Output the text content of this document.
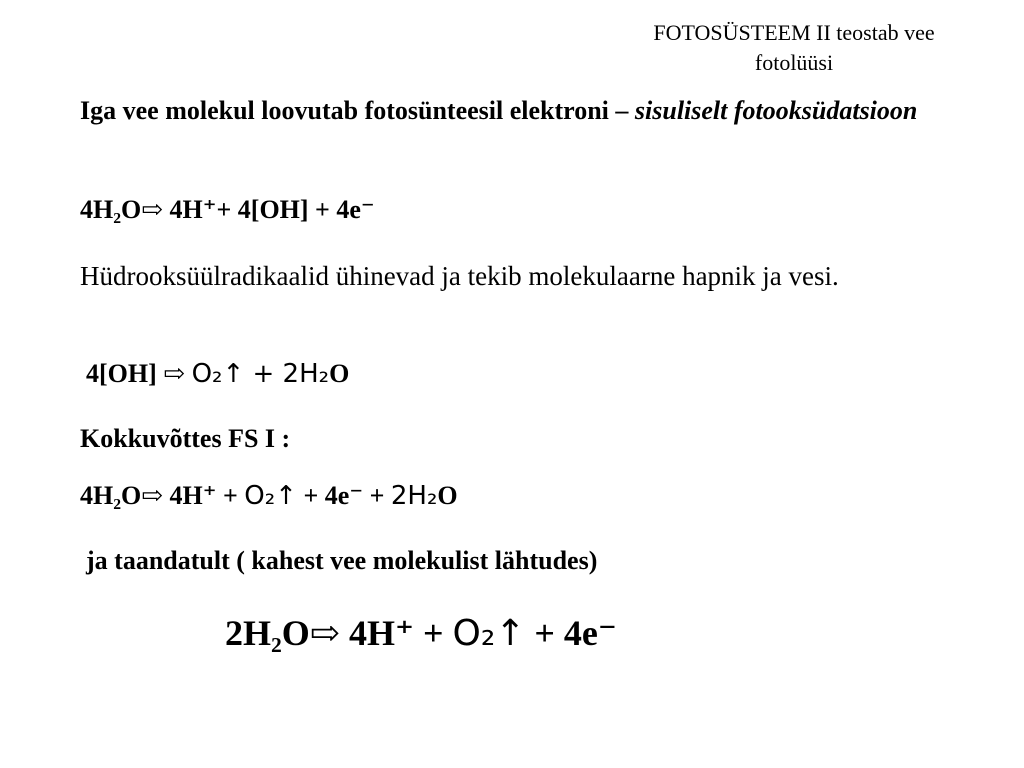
FOTOSÜSTEEM II teostab vee
fotolüüsi
Iga vee molekul loovutab fotosünteesil elektroni – sisuliselt fotooksüdatsioon
4H₂O⇨ 4H⁺+ 4[OH] + 4e⁻
Hüdrooksüülradikaalid ühinevad ja tekib molekulaarne hapnik ja vesi.
4[OH] ⇨ O₂↑ + 2H₂O
Kokkuvõttes FS I :
4H₂O⇨ 4H⁺ + O₂↑ + 4e⁻ + 2H₂O
ja taandatult ( kahest vee molekulist lähtudes)
2H₂O⇨ 4H⁺ + O₂↑ + 4e⁻
